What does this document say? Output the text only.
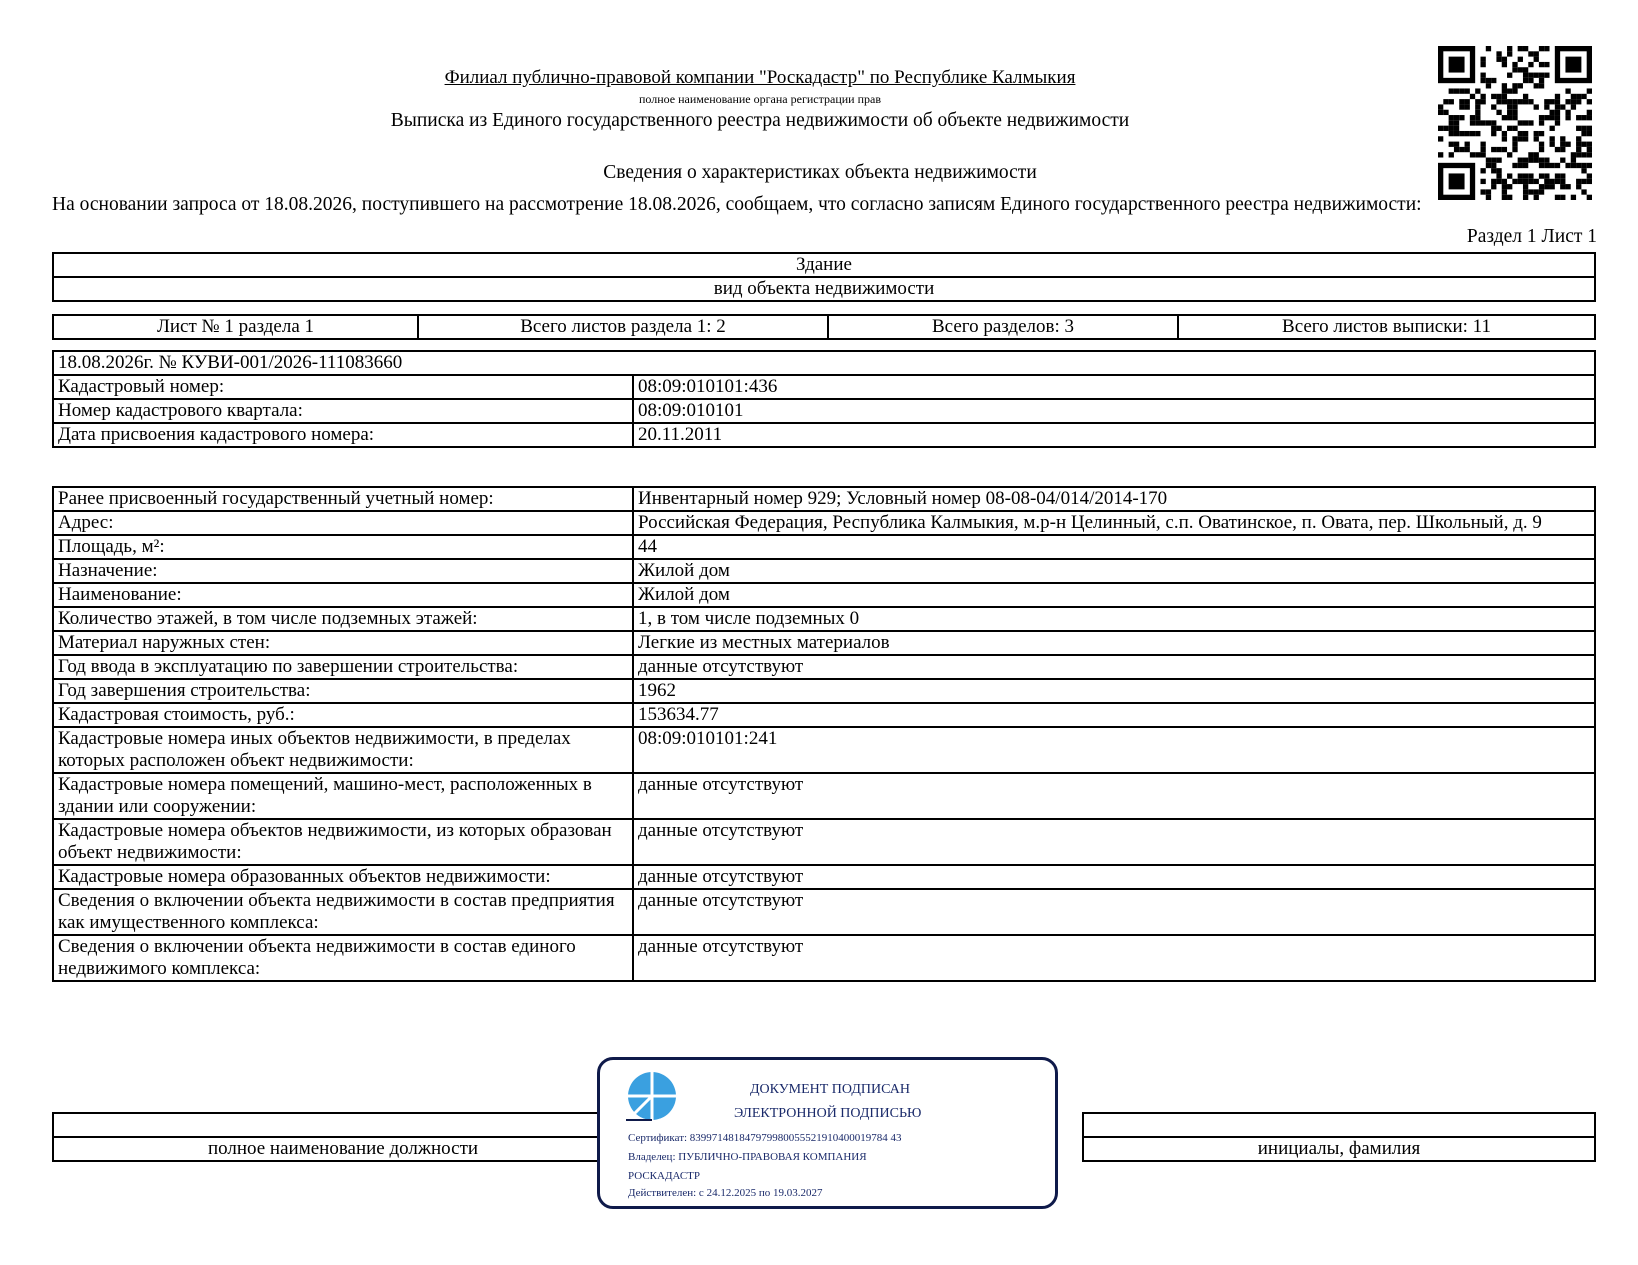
Филиал публично-правовой компании "Роскадастр" по Республике Калмыкия
полное наименование органа регистрации прав
Выписка из Единого государственного реестра недвижимости об объекте недвижимости
Сведения о характеристиках объекта недвижимости
На основании запроса от 18.08.2026, поступившего на рассмотрение 18.08.2026, сообщаем, что согласно записям Единого государственного реестра недвижимости:
Раздел 1 Лист 1
Здание
вид объекта недвижимости
Лист № 1 раздела 1	Всего листов раздела 1: 2	Всего разделов: 3	Всего листов выписки: 11
18.08.2026г. № КУВИ-001/2026-111083660	
Кадастровый номер:	08:09:010101:436
Номер кадастрового квартала:	08:09:010101
Дата присвоения кадастрового номера:	20.11.2011
Ранее присвоенный государственный учетный номер:	Инвентарный номер 929; Условный номер 08-08-04/014/2014-170
Адрес:	Российская Федерация, Республика Калмыкия, м.р-н Целинный, с.п. Оватинское, п. Овата, пер. Школьный, д. 9
Площадь, м²:	44
Назначение:	Жилой дом
Наименование:	Жилой дом
Количество этажей, в том числе подземных этажей:	1, в том числе подземных 0
Материал наружных стен:	Легкие из местных материалов
Год ввода в эксплуатацию по завершении строительства:	данные отсутствуют
Год завершения строительства:	1962
Кадастровая стоимость, руб.:	153634.77
Кадастровые номера иных объектов недвижимости, в пределах которых расположен объект недвижимости:	08:09:010101:241
Кадастровые номера помещений, машино-мест, расположенных в здании или сооружении:	данные отсутствуют
Кадастровые номера объектов недвижимости, из которых образован объект недвижимости:	данные отсутствуют
Кадастровые номера образованных объектов недвижимости:	данные отсутствуют
Сведения о включении объекта недвижимости в состав предприятия как имущественного комплекса:	данные отсутствуют
Сведения о включении объекта недвижимости в состав единого недвижимого комплекса:	данные отсутствуют

полное наименование должности		инициалы, фамилия
ДОКУМЕНТ ПОДПИСАН
ЭЛЕКТРОННОЙ ПОДПИСЬЮ
Сертификат: 839971481847979980055521910400019784 43
Владелец: ПУБЛИЧНО-ПРАВОВАЯ КОМПАНИЯ
РОСКАДАСТР
Действителен: с 24.12.2025 по 19.03.2027
